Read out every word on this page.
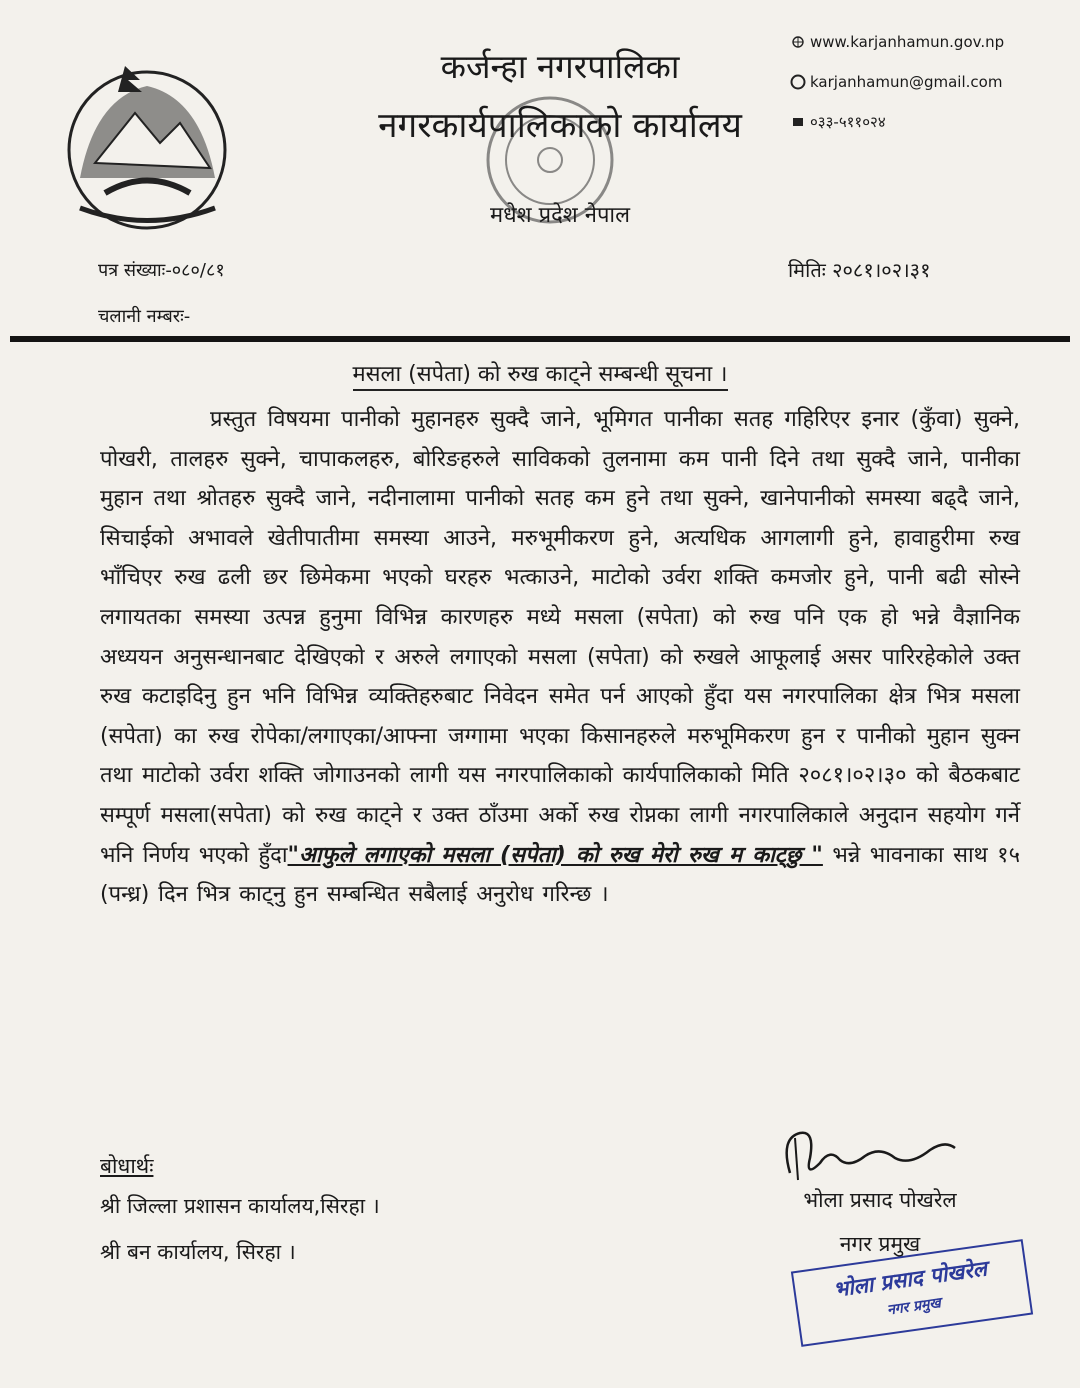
कर्जन्हा नगरपालिका
नगरकार्यपालिकाको कार्यालय
मधेश प्रदेश नेपाल
www.karjanhamun.gov.np
karjanhamun@gmail.com
०३३-५११०२४
पत्र संख्याः-०८०/८१
चलानी नम्बरः-
मितिः २०८१।०२।३१
मसला (सपेता) को रुख काट्ने सम्बन्धी सूचना ।
प्रस्तुत विषयमा पानीको मुहानहरु सुक्दै जाने, भूमिगत पानीका सतह गहिरिएर इनार (कुँवा) सुक्ने, पोखरी, तालहरु सुक्ने, चापाकलहरु, बोरिङहरुले साविकको तुलनामा कम पानी दिने तथा सुक्दै जाने, पानीका मुहान तथा श्रोतहरु सुक्दै जाने, नदीनालामा पानीको सतह कम हुने तथा सुक्ने, खानेपानीको समस्या बढ्दै जाने, सिचाईको अभावले खेतीपातीमा समस्या आउने, मरुभूमीकरण हुने, अत्यधिक आगलागी हुने, हावाहुरीमा रुख भाँचिएर रुख ढली छर छिमेकमा भएको घरहरु भत्काउने, माटोको उर्वरा शक्ति कमजोर हुने, पानी बढी सोस्ने लगायतका समस्या उत्पन्न हुनुमा विभिन्न कारणहरु मध्ये मसला (सपेता) को रुख पनि एक हो भन्ने वैज्ञानिक अध्ययन अनुसन्धानबाट देखिएको र अरुले लगाएको मसला (सपेता) को रुखले आफूलाई असर पारिरहेकोले उक्त रुख कटाइदिनु हुन भनि विभिन्न व्यक्तिहरुबाट निवेदन समेत पर्न आएको हुँदा यस नगरपालिका क्षेत्र भित्र मसला (सपेता) का रुख रोपेका/लगाएका/आफ्ना जग्गामा भएका किसानहरुले मरुभूमिकरण हुन र पानीको मुहान सुक्न तथा माटोको उर्वरा शक्ति जोगाउनको लागी यस नगरपालिकाको कार्यपालिकाको मिति २०८१।०२।३० को बैठकबाट सम्पूर्ण मसला(सपेता) को रुख काट्ने र उक्त ठाँउमा अर्को रुख रोप्नका लागी नगरपालिकाले अनुदान सहयोग गर्ने भनि निर्णय भएको हुँदा"आफुले लगाएको मसला (सपेता) को रुख मेरो रुख म काट्छु " भन्ने भावनाका साथ १५ (पन्ध्र) दिन भित्र काट्नु हुन सम्बन्धित सबैलाई अनुरोध गरिन्छ ।
बोधार्थः
श्री जिल्ला प्रशासन कार्यालय,सिरहा ।
श्री बन कार्यालय, सिरहा ।
भोला प्रसाद पोखरेल
नगर प्रमुख
भोला प्रसाद पोखरेल
नगर प्रमुख
